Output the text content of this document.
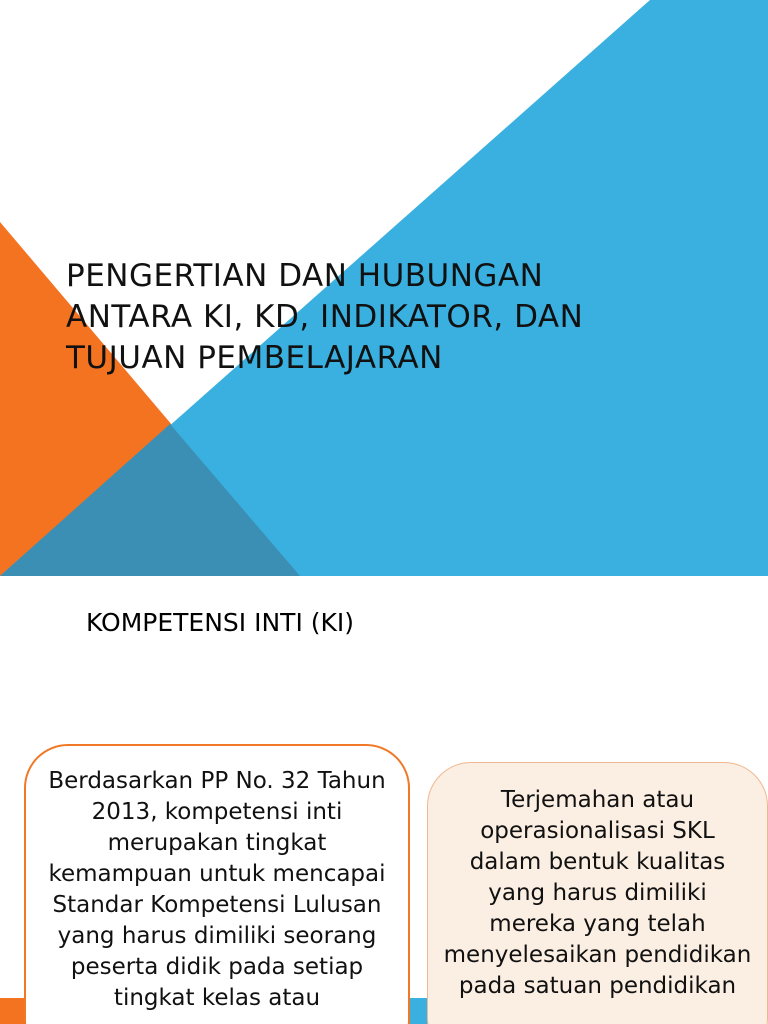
PENGERTIAN DAN HUBUNGAN
ANTARA KI, KD, INDIKATOR, DAN
TUJUAN PEMBELAJARAN
KOMPETENSI INTI (KI)
Berdasarkan PP No. 32 Tahun 2013, kompetensi inti merupakan tingkat kemampuan untuk mencapai Standar Kompetensi Lulusan yang harus dimiliki seorang peserta didik pada setiap tingkat kelas atau
Terjemahan atau operasionalisasi SKL dalam bentuk kualitas yang harus dimiliki mereka yang telah menyelesaikan pendidikan pada satuan pendidikan
